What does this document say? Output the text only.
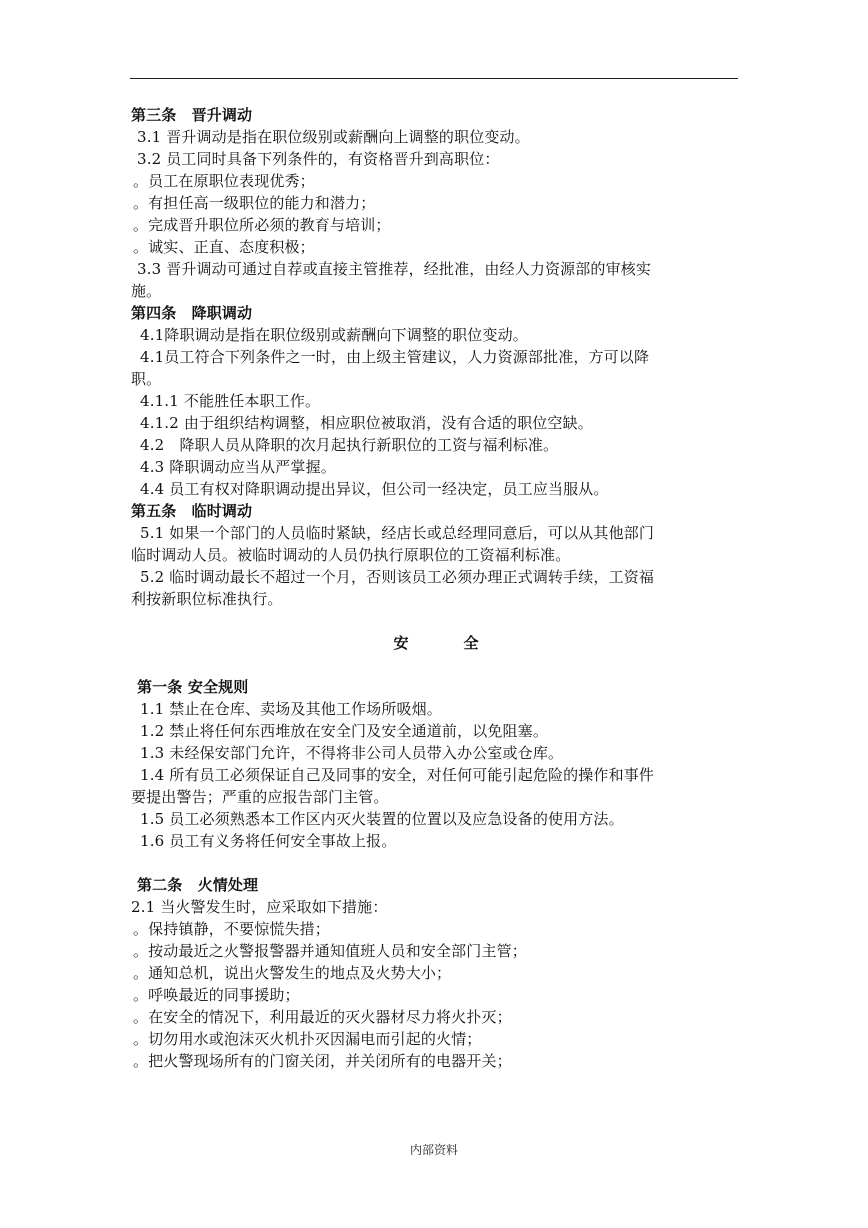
第三条　晋升调动
3.1 晋升调动是指在职位级别或薪酬向上调整的职位变动。
3.2 员工同时具备下列条件的，有资格晋升到高职位：
。员工在原职位表现优秀；
。有担任高一级职位的能力和潜力；
。完成晋升职位所必须的教育与培训；
。诚实、正直、态度积极；
3.3 晋升调动可通过自荐或直接主管推荐，经批准，由经人力资源部的审核实
施。
第四条　降职调动
4.1降职调动是指在职位级别或薪酬向下调整的职位变动。
4.1员工符合下列条件之一时，由上级主管建议，人力资源部批准，方可以降
职。
4.1.1 不能胜任本职工作。
4.1.2 由于组织结构调整，相应职位被取消，没有合适的职位空缺。
4.2　降职人员从降职的次月起执行新职位的工资与福利标准。
4.3 降职调动应当从严掌握。
4.4 员工有权对降职调动提出异议，但公司一经决定，员工应当服从。
第五条　临时调动
5.1 如果一个部门的人员临时紧缺，经店长或总经理同意后，可以从其他部门
临时调动人员。被临时调动的人员仍执行原职位的工资福利标准。
5.2 临时调动最长不超过一个月，否则该员工必须办理正式调转手续，工资福
利按新职位标准执行。
安　全
第一条 安全规则
1.1 禁止在仓库、卖场及其他工作场所吸烟。
1.2 禁止将任何东西堆放在安全门及安全通道前，以免阻塞。
1.3 未经保安部门允许，不得将非公司人员带入办公室或仓库。
1.4 所有员工必须保证自己及同事的安全，对任何可能引起危险的操作和事件
要提出警告；严重的应报告部门主管。
1.5 员工必须熟悉本工作区内灭火装置的位置以及应急设备的使用方法。
1.6 员工有义务将任何安全事故上报。
第二条　火情处理
2.1 当火警发生时，应采取如下措施：
。保持镇静，不要惊慌失措；
。按动最近之火警报警器并通知值班人员和安全部门主管；
。通知总机，说出火警发生的地点及火势大小；
。呼唤最近的同事援助；
。在安全的情况下，利用最近的灭火器材尽力将火扑灭；
。切勿用水或泡沫灭火机扑灭因漏电而引起的火情；
。把火警现场所有的门窗关闭，并关闭所有的电器开关；
内部资料
